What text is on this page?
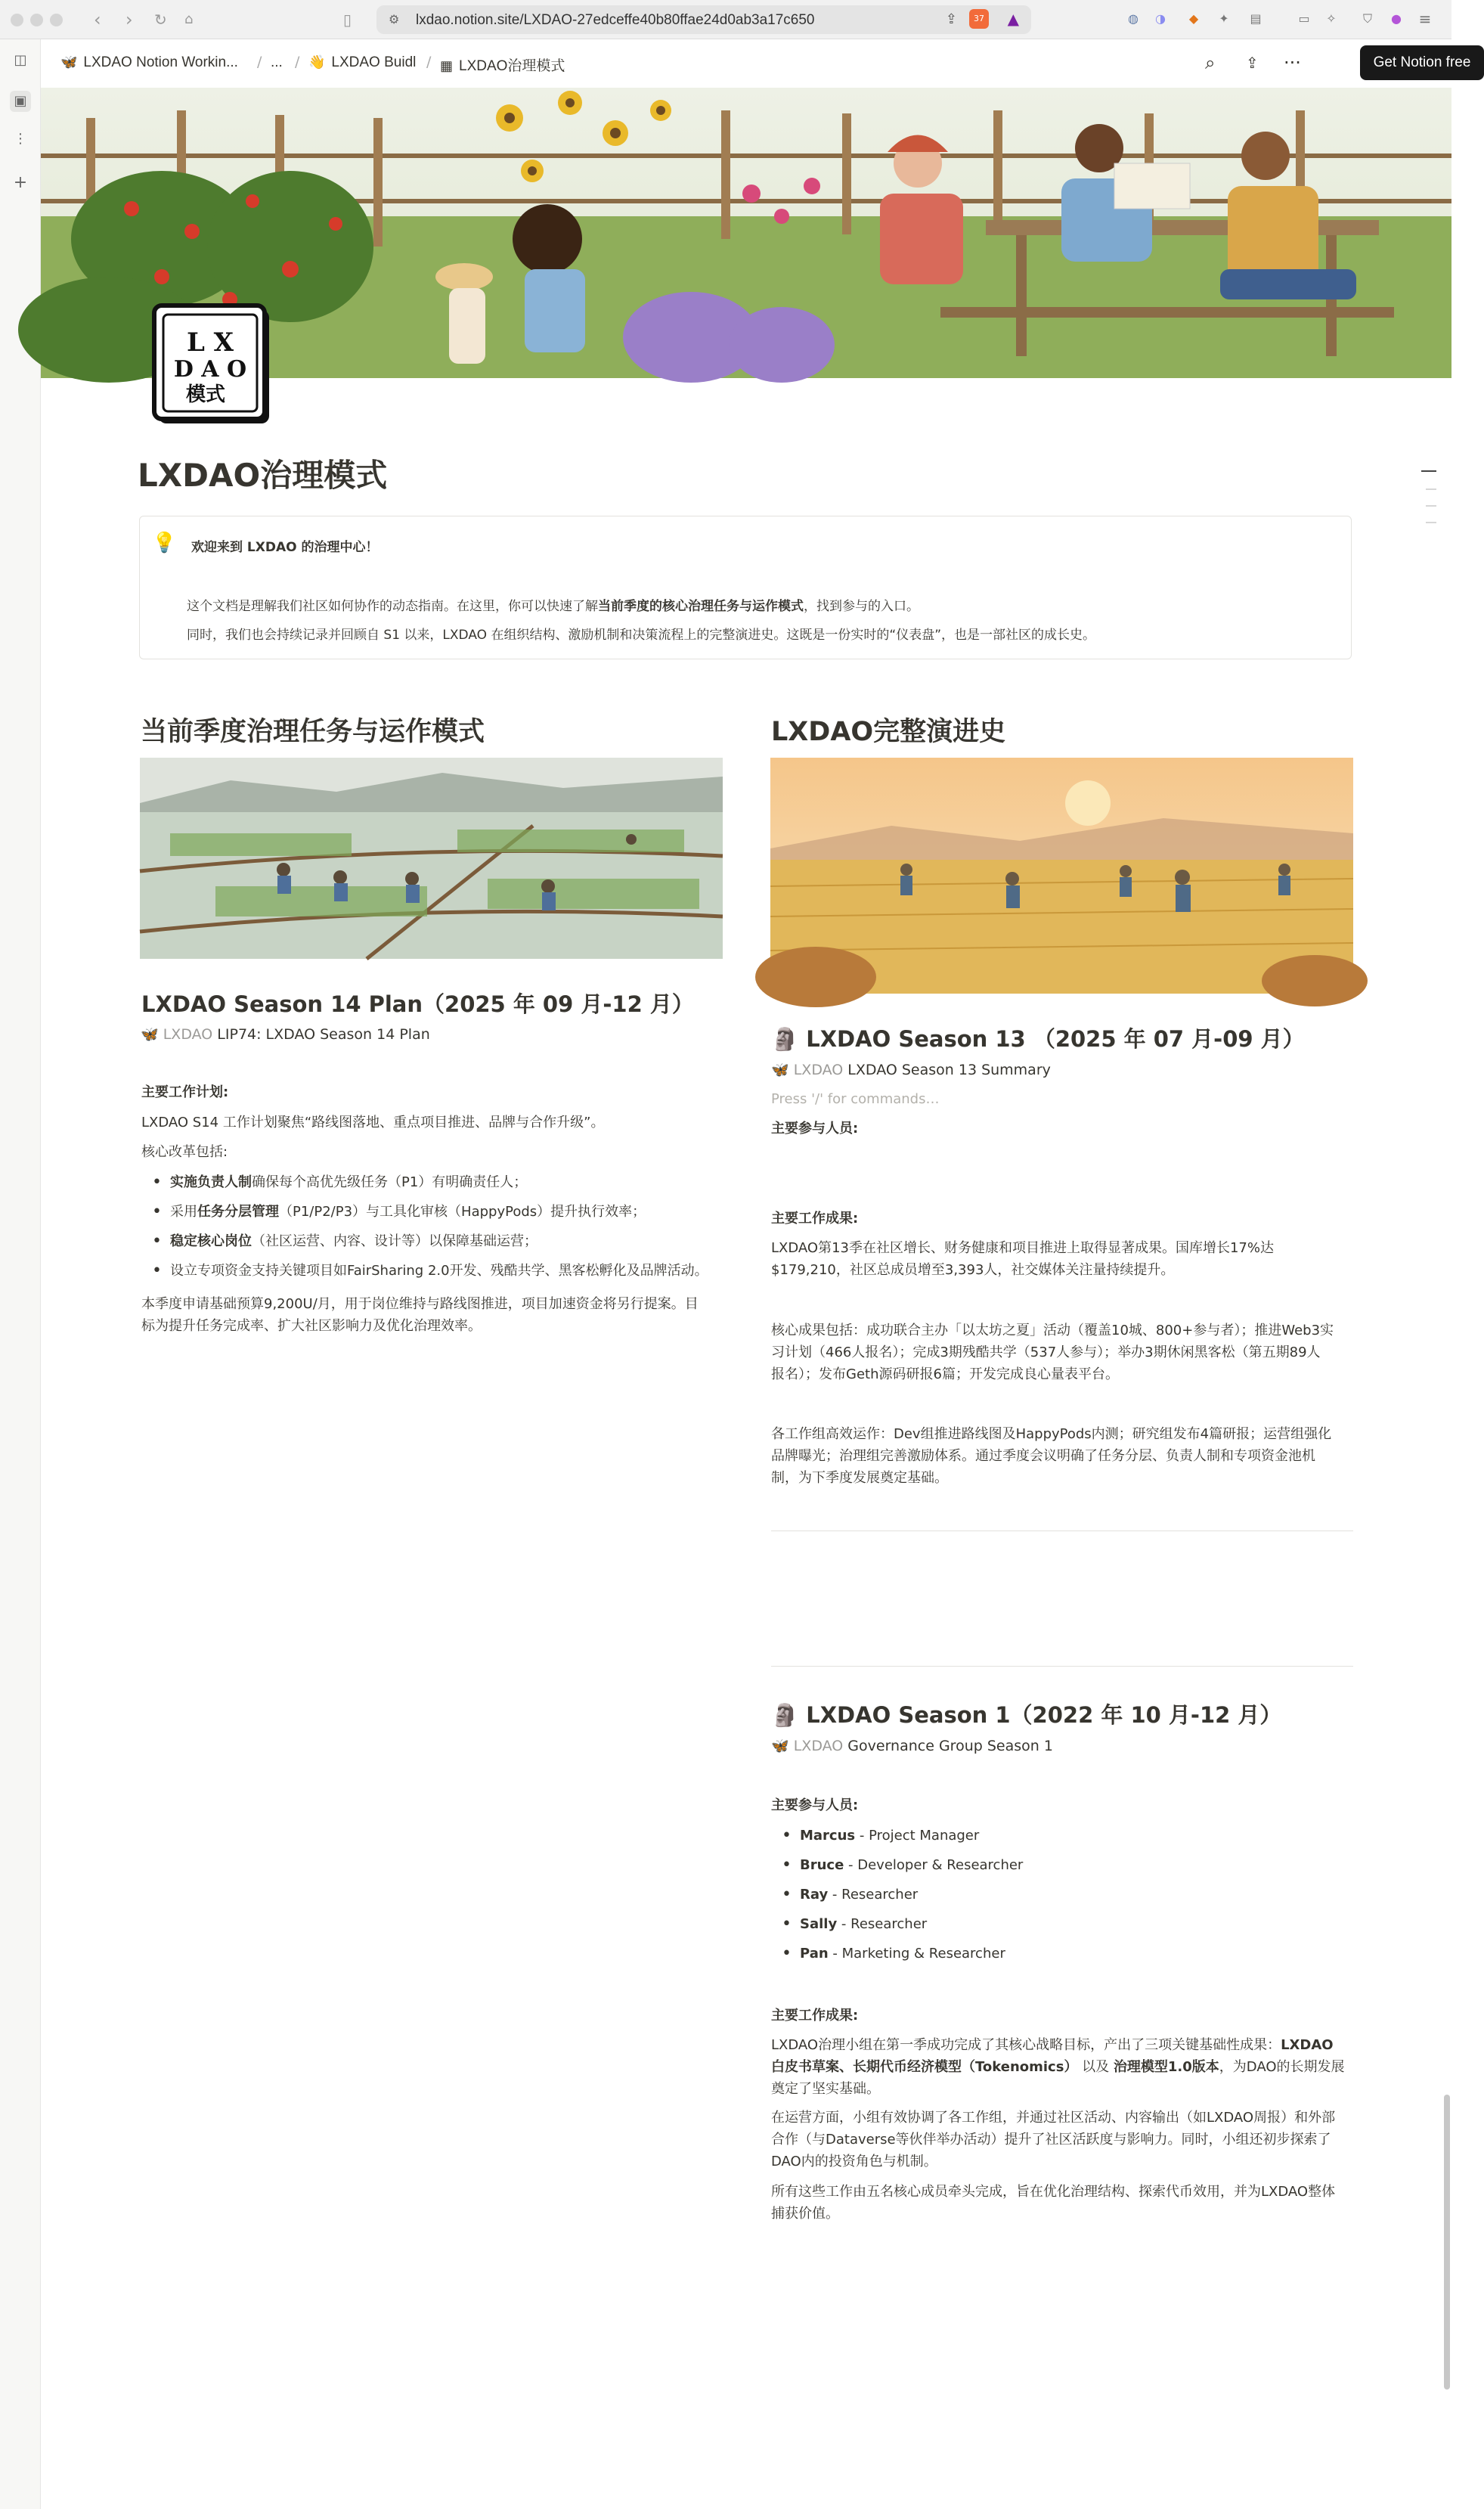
‹ › ↻ ⌂	▯	⚙ lxdao.notion.site/LXDAO-27edceffe40b80ffae24d0ab3a17c650	⇪	37	▲	◍	◑	◆	✦	▤	▭	✧	⛉	●	≡
◫
▣
⋮
+
🦋 LXDAO Notion Workin... / ... / 👋 LXDAO Buidl / ▦ LXDAO治理模式	⌕ ⇪ ···	Get Notion free
L X
D A O
模式
LXDAO治理模式
💡 欢迎来到 LXDAO 的治理中心！
这个文档是理解我们社区如何协作的动态指南。在这里，你可以快速了解当前季度的核心治理任务与运作模式，找到参与的入口。
同时，我们也会持续记录并回顾自 S1 以来，LXDAO 在组织结构、激励机制和决策流程上的完整演进史。这既是一份实时的“仪表盘”，也是一部社区的成长史。
当前季度治理任务与运作模式
LXDAO Season 14 Plan（2025 年 09 月-12 月）
🦋 LXDAO LIP74: LXDAO Season 14 Plan
主要工作计划:
LXDAO S14 工作计划聚焦“路线图落地、重点项目推进、品牌与合作升级”。
核心改革包括:
• 实施负责人制确保每个高优先级任务（P1）有明确责任人；
• 采用任务分层管理（P1/P2/P3）与工具化审核（HappyPods）提升执行效率；
• 稳定核心岗位（社区运营、内容、设计等）以保障基础运营；
• 设立专项资金支持关键项目如FairSharing 2.0开发、残酷共学、黑客松孵化及品牌活动。
本季度申请基础预算9,200U/月，用于岗位维持与路线图推进，项目加速资金将另行提案。目
标为提升任务完成率、扩大社区影响力及优化治理效率。
LXDAO完整演进史
🗿 LXDAO Season 13 （2025 年 07 月-09 月）
🦋 LXDAO LXDAO Season 13 Summary
Press '/' for commands…
主要参与人员:
主要工作成果:
LXDAO第13季在社区增长、财务健康和项目推进上取得显著成果。国库增长17%达
$179,210，社区总成员增至3,393人，社交媒体关注量持续提升。
核心成果包括：成功联合主办「以太坊之夏」活动（覆盖10城、800+参与者）；推进Web3实
习计划（466人报名）；完成3期残酷共学（537人参与）；举办3期休闲黑客松（第五期89人
报名）；发布Geth源码研报6篇；开发完成良心量表平台。
各工作组高效运作：Dev组推进路线图及HappyPods内测；研究组发布4篇研报；运营组强化
品牌曝光；治理组完善激励体系。通过季度会议明确了任务分层、负责人制和专项资金池机
制，为下季度发展奠定基础。
🗿 LXDAO Season 1（2022 年 10 月-12 月）
🦋 LXDAO Governance Group Season 1
主要参与人员:
• Marcus - Project Manager
• Bruce - Developer & Researcher
• Ray - Researcher
• Sally - Researcher
• Pan - Marketing & Researcher
主要工作成果:
LXDAO治理小组在第一季成功完成了其核心战略目标，产出了三项关键基础性成果：LXDAO
白皮书草案、长期代币经济模型（Tokenomics） 以及 治理模型1.0版本，为DAO的长期发展
奠定了坚实基础。
在运营方面，小组有效协调了各工作组，并通过社区活动、内容输出（如LXDAO周报）和外部
合作（与Dataverse等伙伴举办活动）提升了社区活跃度与影响力。同时，小组还初步探索了
DAO内的投资角色与机制。
所有这些工作由五名核心成员牵头完成，旨在优化治理结构、探索代币效用，并为LXDAO整体
捕获价值。
